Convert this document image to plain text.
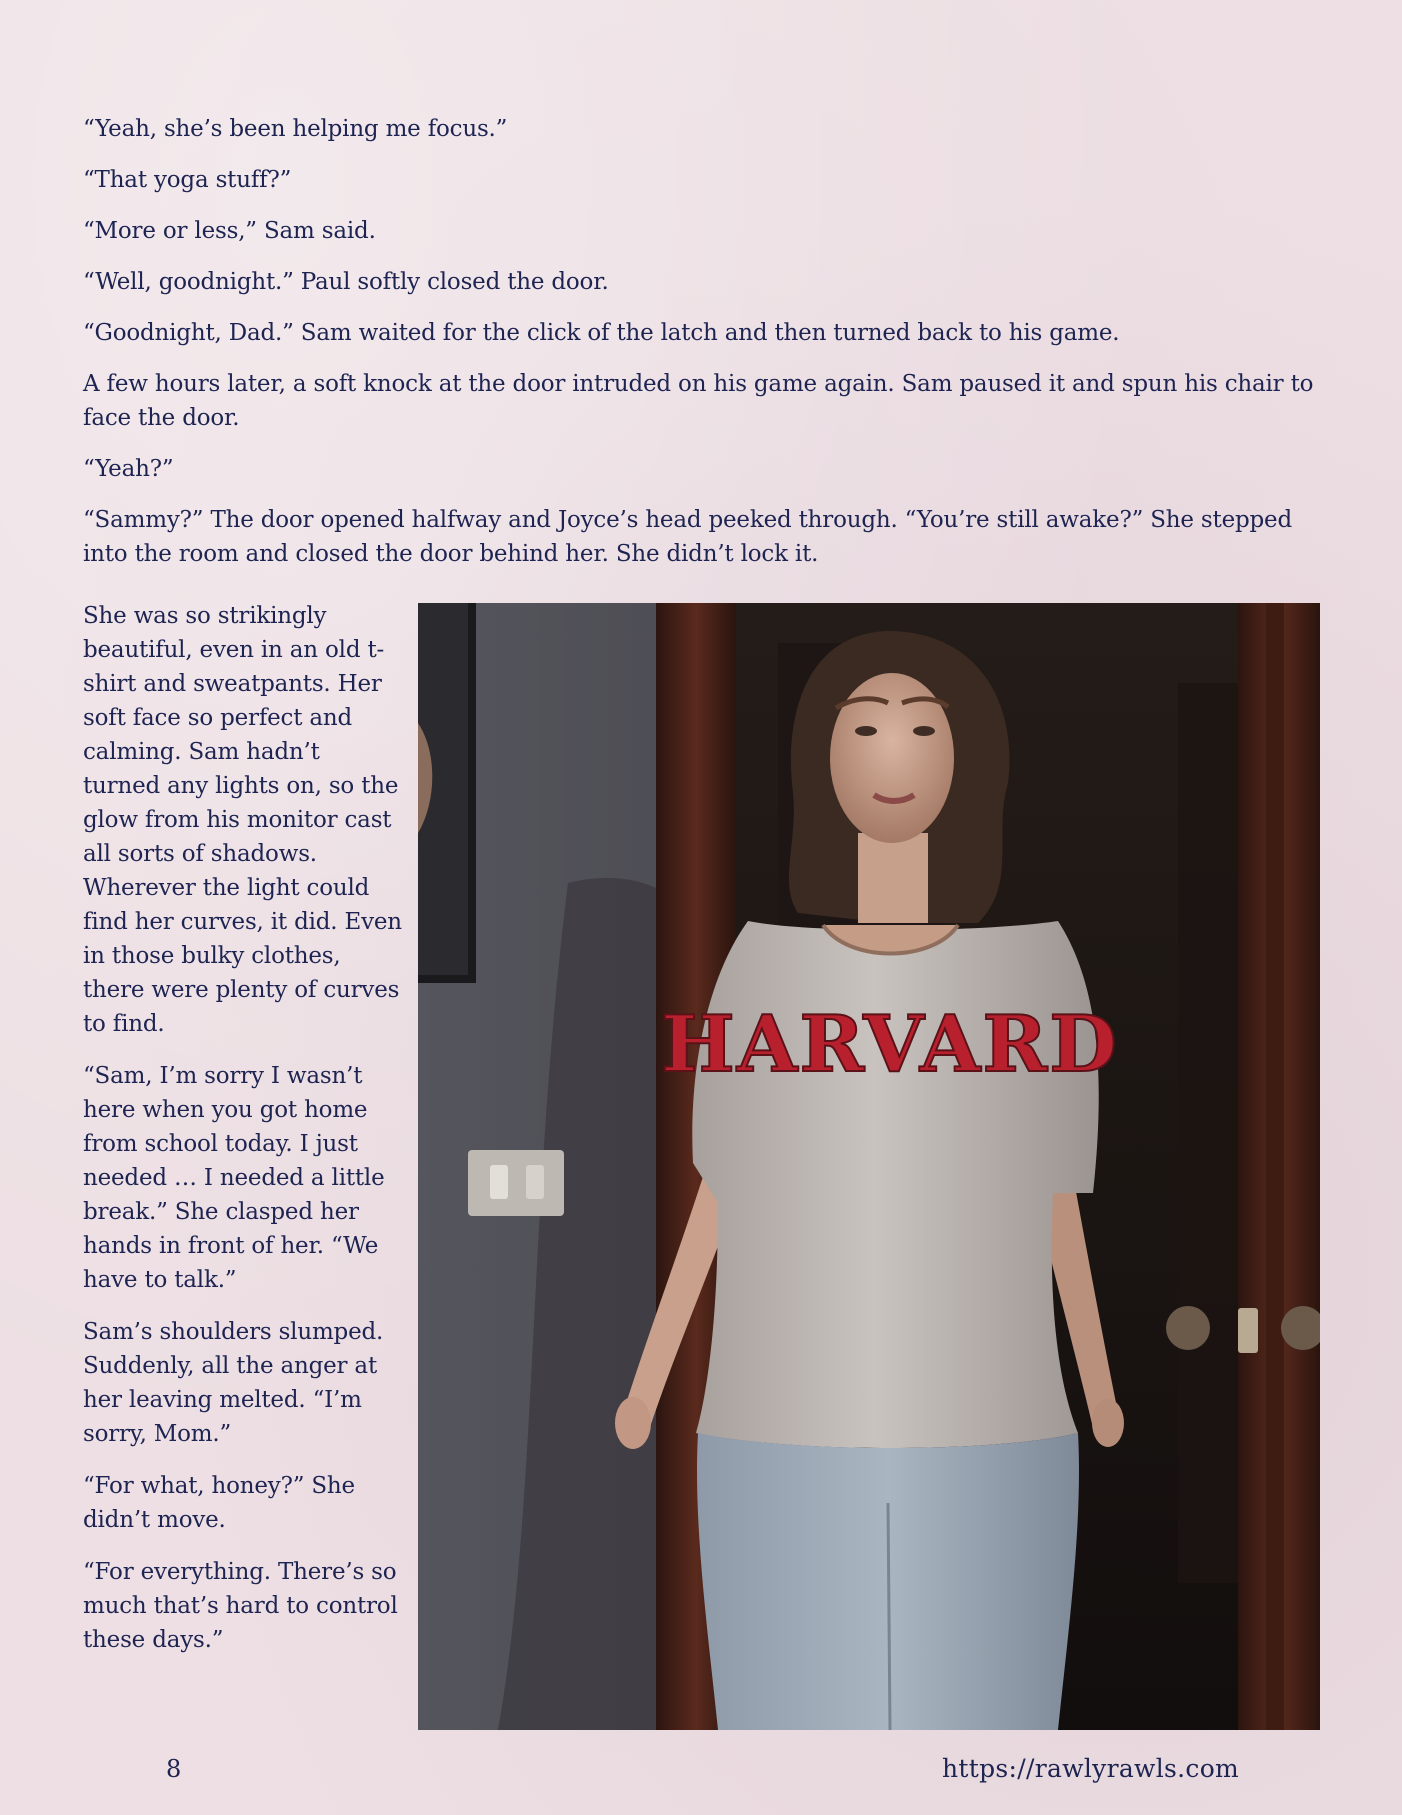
“Yeah, she’s been helping me focus.”

“That yoga stuff?”

“More or less,” Sam said.

“Well, goodnight.” Paul softly closed the door.

“Goodnight, Dad.” Sam waited for the click of the latch and then turned back to his game.

A few hours later, a soft knock at the door intruded on his game again. Sam paused it and spun his chair to face the door.

“Yeah?”

“Sammy?” The door opened halfway and Joyce’s head peeked through. “You’re still awake?” She stepped into the room and closed the door behind her. She didn’t lock it.

She was so strikingly beautiful, even in an old t-shirt and sweatpants. Her soft face so perfect and calming. Sam hadn’t turned any lights on, so the glow from his monitor cast all sorts of shadows. Wherever the light could find her curves, it did. Even in those bulky clothes, there were plenty of curves to find.

“Sam, I’m sorry I wasn’t here when you got home from school today. I just needed … I needed a little break.” She clasped her hands in front of her. “We have to talk.”

Sam’s shoulders slumped. Suddenly, all the anger at her leaving melted. “I’m sorry, Mom.”

“For what, honey?” She didn’t move.

“For everything. There’s so much that’s hard to control these days.”

HARVARD
8	https://rawlyrawls.com
